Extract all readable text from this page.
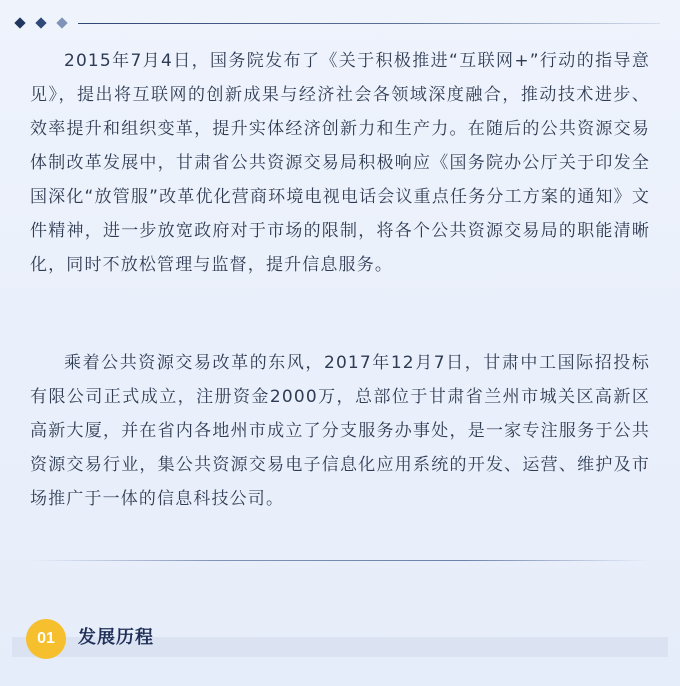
2015年7月4日，国务院发布了《关于积极推进“互联网+”行动的指导意见》，提出将互联网的创新成果与经济社会各领域深度融合，推动技术进步、效率提升和组织变革，提升实体经济创新力和生产力。在随后的公共资源交易体制改革发展中，甘肃省公共资源交易局积极响应《国务院办公厅关于印发全国深化“放管服”改革优化营商环境电视电话会议重点任务分工方案的通知》文件精神，进一步放宽政府对于市场的限制，将各个公共资源交易局的职能清晰化，同时不放松管理与监督，提升信息服务。

乘着公共资源交易改革的东风，2017年12月7日，甘肃中工国际招投标有限公司正式成立，注册资金2000万，总部位于甘肃省兰州市城关区高新区高新大厦，并在省内各地州市成立了分支服务办事处，是一家专注服务于公共资源交易行业，集公共资源交易电子信息化应用系统的开发、运营、维护及市场推广于一体的信息科技公司。

01	发展历程
